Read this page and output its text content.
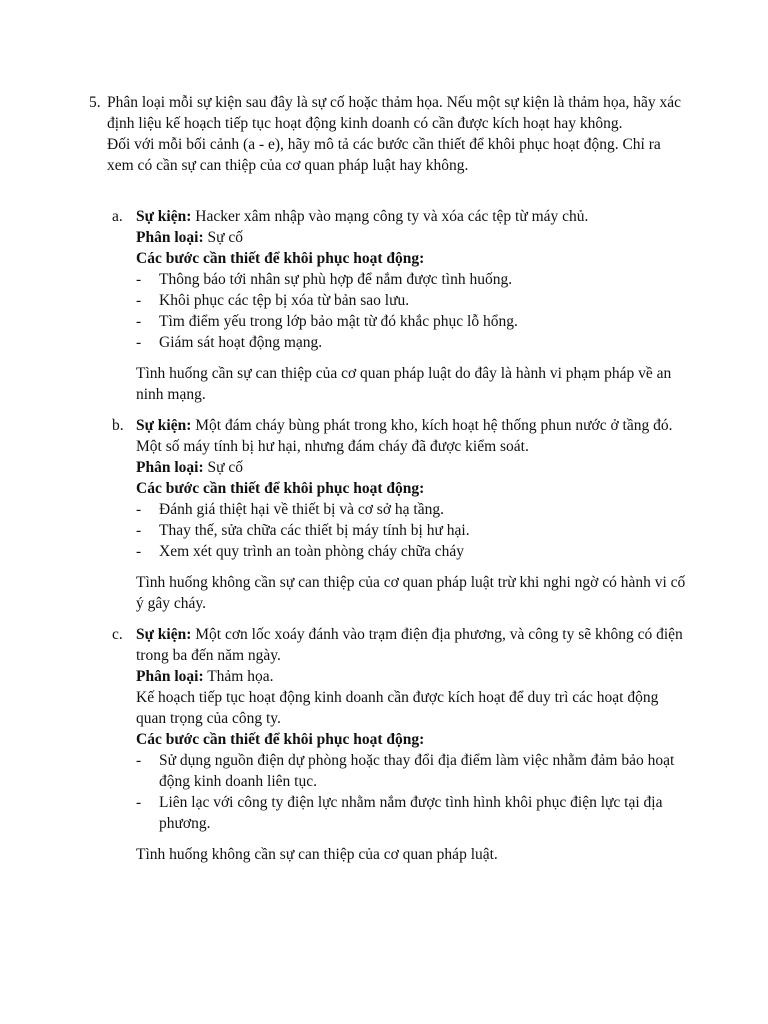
5. Phân loại mỗi sự kiện sau đây là sự cố hoặc thảm họa. Nếu một sự kiện là thảm họa, hãy xác định liệu kế hoạch tiếp tục hoạt động kinh doanh có cần được kích hoạt hay không.
Đối với mỗi bối cảnh (a - e), hãy mô tả các bước cần thiết để khôi phục hoạt động. Chỉ ra xem có cần sự can thiệp của cơ quan pháp luật hay không.
a. Sự kiện: Hacker xâm nhập vào mạng công ty và xóa các tệp từ máy chủ.
Phân loại: Sự cố
Các bước cần thiết để khôi phục hoạt động:
-	Thông báo tới nhân sự phù hợp để nắm được tình huống.
-	Khôi phục các tệp bị xóa từ bản sao lưu.
-	Tìm điểm yếu trong lớp bảo mật từ đó khắc phục lỗ hổng.
-	Giám sát hoạt động mạng.
Tình huống cần sự can thiệp của cơ quan pháp luật do đây là hành vi phạm pháp về an ninh mạng.
b. Sự kiện: Một đám cháy bùng phát trong kho, kích hoạt hệ thống phun nước ở tầng đó. Một số máy tính bị hư hại, nhưng đám cháy đã được kiểm soát.
Phân loại: Sự cố
Các bước cần thiết để khôi phục hoạt động:
-	Đánh giá thiệt hại về thiết bị và cơ sở hạ tầng.
-	Thay thế, sửa chữa các thiết bị máy tính bị hư hại.
-	Xem xét quy trình an toàn phòng cháy chữa cháy
Tình huống không cần sự can thiệp của cơ quan pháp luật trừ khi nghi ngờ có hành vi cố ý gây cháy.
c. Sự kiện: Một cơn lốc xoáy đánh vào trạm điện địa phương, và công ty sẽ không có điện trong ba đến năm ngày.
Phân loại: Thảm họa.
Kế hoạch tiếp tục hoạt động kinh doanh cần được kích hoạt để duy trì các hoạt động quan trọng của công ty.
Các bước cần thiết để khôi phục hoạt động:
-	Sử dụng nguồn điện dự phòng hoặc thay đổi địa điểm làm việc nhằm đảm bảo hoạt động kinh doanh liên tục.
-	Liên lạc với công ty điện lực nhằm nắm được tình hình khôi phục điện lực tại địa phương.
Tình huống không cần sự can thiệp của cơ quan pháp luật.
